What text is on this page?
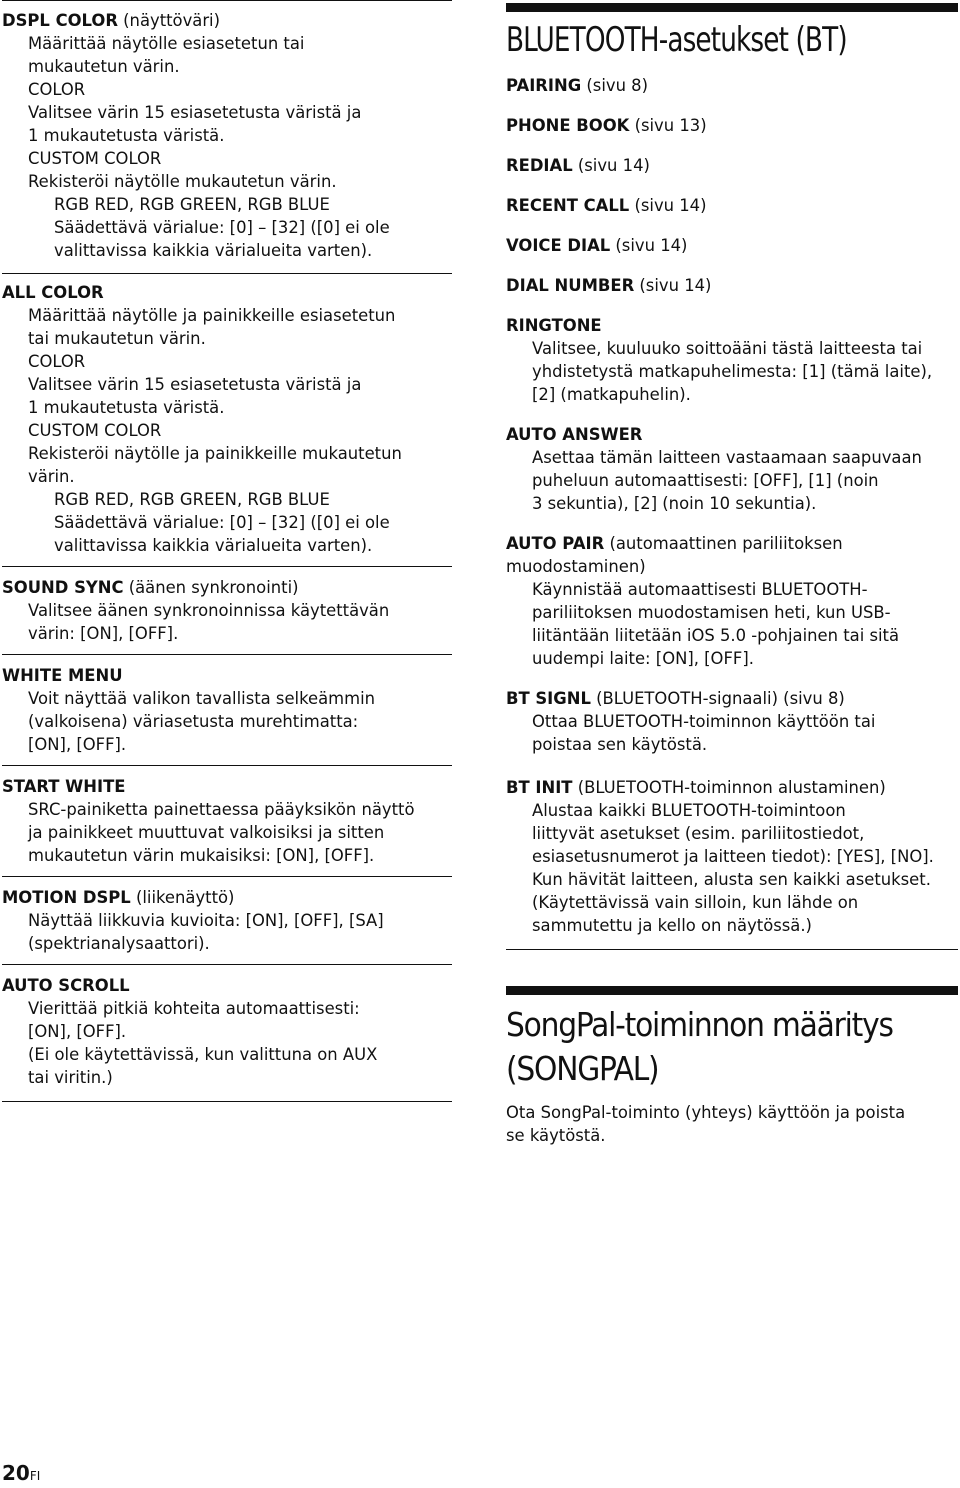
DSPL COLOR (näyttöväri)
Määrittää näytölle esiasetetun tai
mukautetun värin.
COLOR
Valitsee värin 15 esiasetetusta väristä ja
1 mukautetusta väristä.
CUSTOM COLOR
Rekisteröi näytölle mukautetun värin.
RGB RED, RGB GREEN, RGB BLUE
Säädettävä värialue: [0] – [32] ([0] ei ole
valittavissa kaikkia värialueita varten).
ALL COLOR
Määrittää näytölle ja painikkeille esiasetetun
tai mukautetun värin.
COLOR
Valitsee värin 15 esiasetetusta väristä ja
1 mukautetusta väristä.
CUSTOM COLOR
Rekisteröi näytölle ja painikkeille mukautetun
värin.
RGB RED, RGB GREEN, RGB BLUE
Säädettävä värialue: [0] – [32] ([0] ei ole
valittavissa kaikkia värialueita varten).
SOUND SYNC (äänen synkronointi)
Valitsee äänen synkronoinnissa käytettävän
värin: [ON], [OFF].
WHITE MENU
Voit näyttää valikon tavallista selkeämmin
(valkoisena) väriasetusta murehtimatta:
[ON], [OFF].
START WHITE
SRC-painiketta painettaessa pääyksikön näyttö
ja painikkeet muuttuvat valkoisiksi ja sitten
mukautetun värin mukaisiksi: [ON], [OFF].
MOTION DSPL (liikenäyttö)
Näyttää liikkuvia kuvioita: [ON], [OFF], [SA]
(spektrianalysaattori).
AUTO SCROLL
Vierittää pitkiä kohteita automaattisesti:
[ON], [OFF].
(Ei ole käytettävissä, kun valittuna on AUX
tai viritin.)
BLUETOOTH-asetukset (BT)
PAIRING (sivu 8)
PHONE BOOK (sivu 13)
REDIAL (sivu 14)
RECENT CALL (sivu 14)
VOICE DIAL (sivu 14)
DIAL NUMBER (sivu 14)
RINGTONE
Valitsee, kuuluuko soittoääni tästä laitteesta tai
yhdistetystä matkapuhelimesta: [1] (tämä laite),
[2] (matkapuhelin).
AUTO ANSWER
Asettaa tämän laitteen vastaamaan saapuvaan
puheluun automaattisesti: [OFF], [1] (noin
3 sekuntia), [2] (noin 10 sekuntia).
AUTO PAIR (automaattinen pariliitoksen
muodostaminen)
Käynnistää automaattisesti BLUETOOTH-
pariliitoksen muodostamisen heti, kun USB-
liitäntään liitetään iOS 5.0 -pohjainen tai sitä
uudempi laite: [ON], [OFF].
BT SIGNL (BLUETOOTH-signaali) (sivu 8)
Ottaa BLUETOOTH-toiminnon käyttöön tai
poistaa sen käytöstä.
BT INIT (BLUETOOTH-toiminnon alustaminen)
Alustaa kaikki BLUETOOTH-toimintoon
liittyvät asetukset (esim. pariliitostiedot,
esiasetusnumerot ja laitteen tiedot): [YES], [NO].
Kun hävität laitteen, alusta sen kaikki asetukset.
(Käytettävissä vain silloin, kun lähde on
sammutettu ja kello on näytössä.)
SongPal-toiminnon määritys
(SONGPAL)
Ota SongPal-toiminto (yhteys) käyttöön ja poista
se käytöstä.
20FI
